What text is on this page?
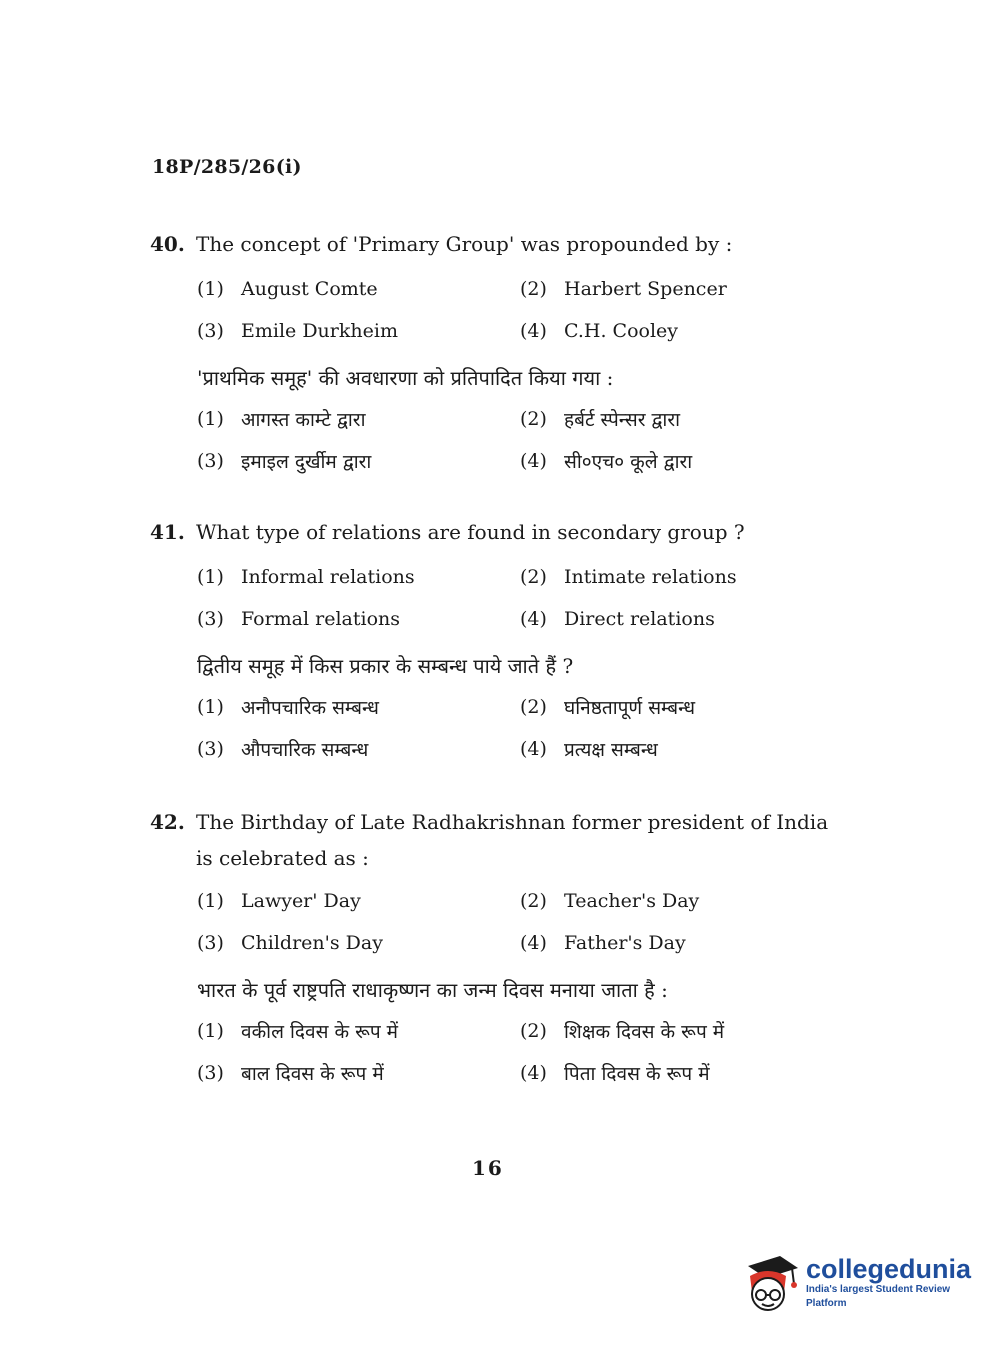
18P/285/26(i)
40. The concept of 'Primary Group' was propounded by :
(1) August Comte	(2) Harbert Spencer
(3) Emile Durkheim	(4) C.H. Cooley
'प्राथमिक समूह' की अवधारणा को प्रतिपादित किया गया :
(1) आगस्त काम्टे द्वारा	(2) हर्बर्ट स्पेन्सर द्वारा
(3) इमाइल दुर्खीम द्वारा	(4) सी०एच० कूले द्वारा
41. What type of relations are found in secondary group ?
(1) Informal relations	(2) Intimate relations
(3) Formal relations	(4) Direct relations
द्वितीय समूह में किस प्रकार के सम्बन्ध पाये जाते हैं ?
(1) अनौपचारिक सम्बन्ध	(2) घनिष्ठतापूर्ण सम्बन्ध
(3) औपचारिक सम्बन्ध	(4) प्रत्यक्ष सम्बन्ध
42. The Birthday of Late Radhakrishnan former president of India is celebrated as :
(1) Lawyer' Day	(2) Teacher's Day
(3) Children's Day	(4) Father's Day
भारत के पूर्व राष्ट्रपति राधाकृष्णन का जन्म दिवस मनाया जाता है :
(1) वकील दिवस के रूप में	(2) शिक्षक दिवस के रूप में
(3) बाल दिवस के रूप में	(4) पिता दिवस के रूप में
16
collegedunia
India's largest Student Review Platform
